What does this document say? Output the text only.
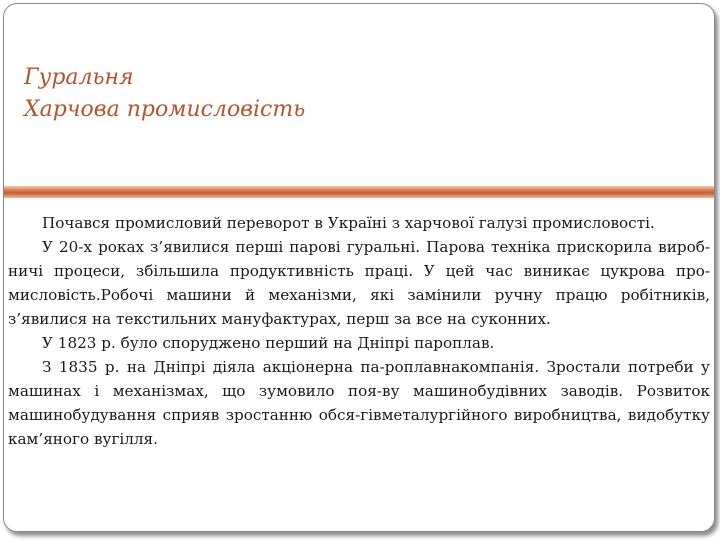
Гуральня
Харчова промисловість

Почався промисловий переворот в Україні з харчової галузі промисловості.

У 20-х роках з’явилися перші парові гуральні. Парова техніка прискорила вироб-ничі процеси, збільшила продуктивність праці. У цей час виникає цукрова про-мисловість.Робочі машини й механізми, які замінили ручну працю робітників, з’явилися на текстильних мануфактурах, перш за все на суконних.

У 1823 р. було споруджено перший на Дніпрі пароплав.

З 1835 р. на Дніпрі діяла акціонерна па-роплавнакомпанія. Зростали потреби у машинах і механізмах, що зумовило поя-ву машинобудівних заводів. Розвиток машинобудування сприяв зростанню обся-гівметалургійного виробництва, видобутку кам’яного вугілля.
